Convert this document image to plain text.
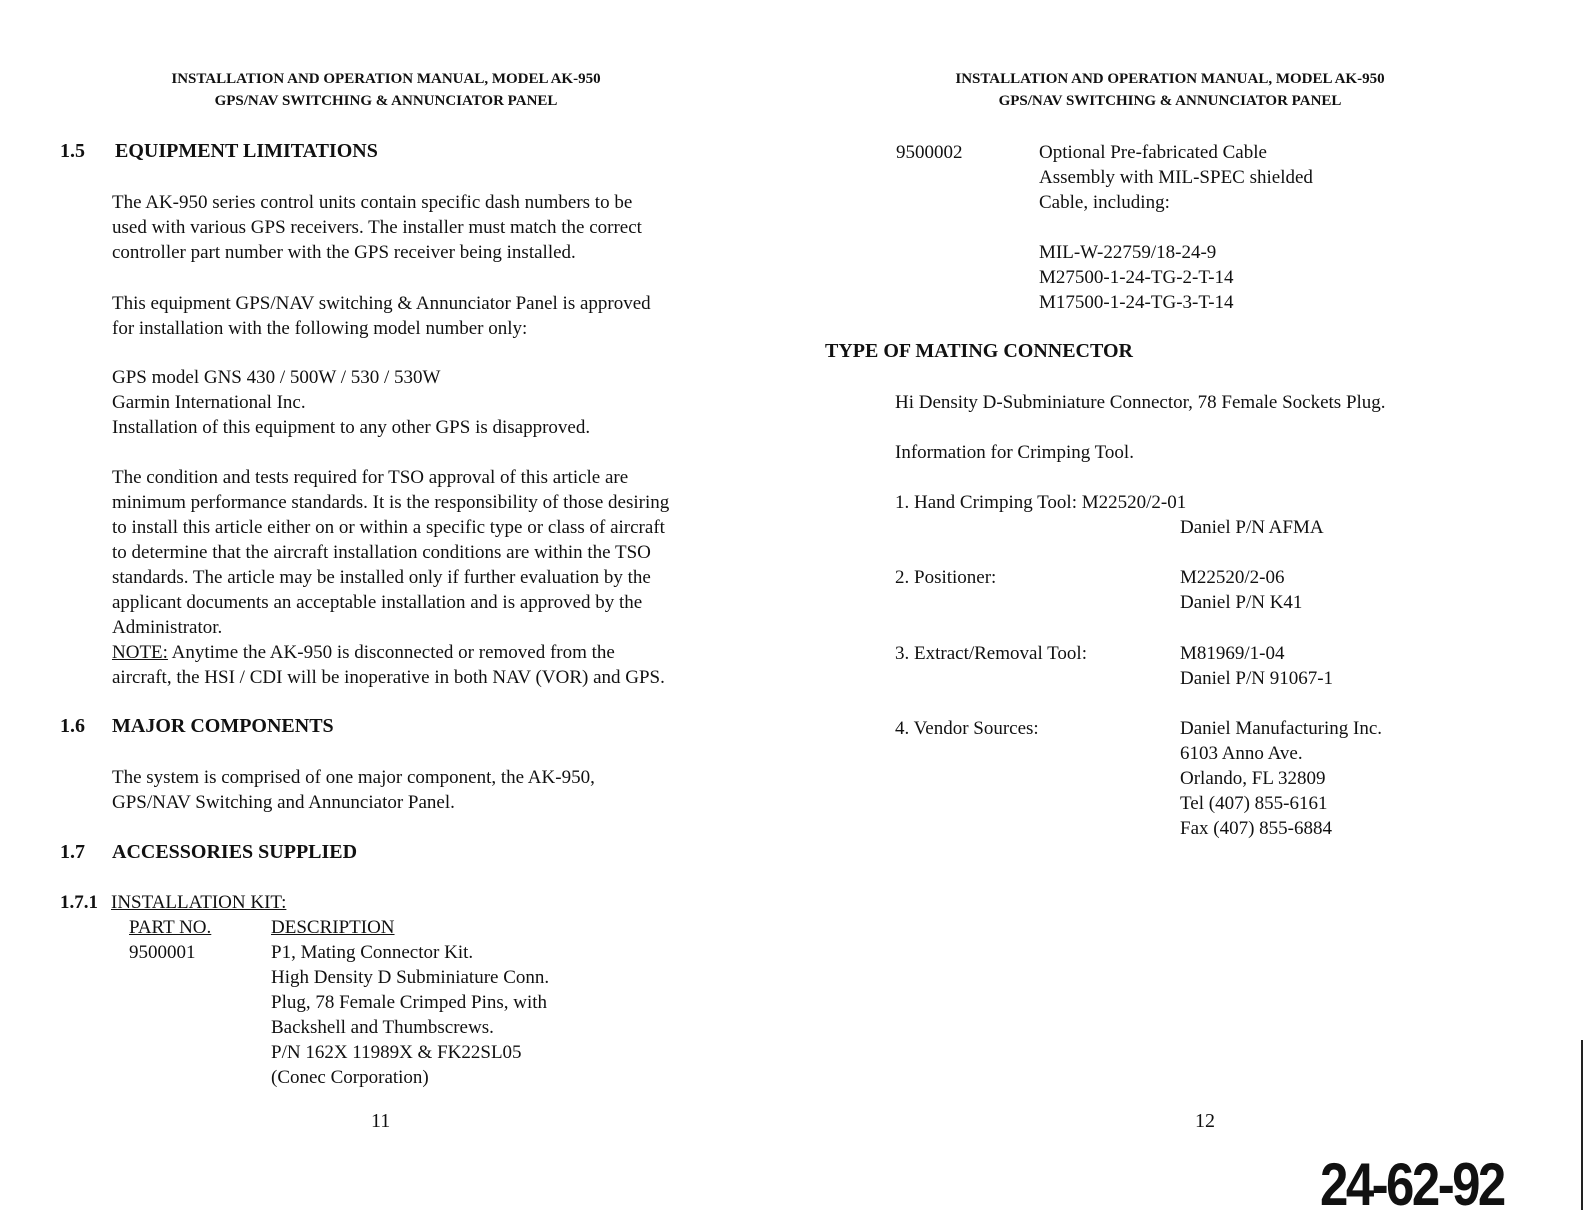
INSTALLATION AND OPERATION MANUAL, MODEL AK-950
GPS/NAV SWITCHING & ANNUNCIATOR PANEL
1.5 EQUIPMENT LIMITATIONS
The AK-950 series control units contain specific dash numbers to be
used with various GPS receivers. The installer must match the correct
controller part number with the GPS receiver being installed.
This equipment GPS/NAV switching & Annunciator Panel is approved
for installation with the following model number only:
GPS model GNS 430 / 500W / 530 / 530W
Garmin International Inc.
Installation of this equipment to any other GPS is disapproved.
The condition and tests required for TSO approval of this article are
minimum performance standards. It is the responsibility of those desiring
to install this article either on or within a specific type or class of aircraft
to determine that the aircraft installation conditions are within the TSO
standards. The article may be installed only if further evaluation by the
applicant documents an acceptable installation and is approved by the
Administrator.
NOTE: Anytime the AK-950 is disconnected or removed from the
aircraft, the HSI / CDI will be inoperative in both NAV (VOR) and GPS.
1.6 MAJOR COMPONENTS
The system is comprised of one major component, the AK-950,
GPS/NAV Switching and Annunciator Panel.
1.7 ACCESSORIES SUPPLIED
1.7.1 INSTALLATION KIT:
PART NO.	DESCRIPTION
9500001	P1, Mating Connector Kit.
High Density D Subminiature Conn.
Plug, 78 Female Crimped Pins, with
Backshell and Thumbscrews.
P/N 162X 11989X & FK22SL05
(Conec Corporation)
11
INSTALLATION AND OPERATION MANUAL, MODEL AK-950
GPS/NAV SWITCHING & ANNUNCIATOR PANEL
9500002	Optional Pre-fabricated Cable
Assembly with MIL-SPEC shielded
Cable, including:
MIL-W-22759/18-24-9
M27500-1-24-TG-2-T-14
M17500-1-24-TG-3-T-14
TYPE OF MATING CONNECTOR
Hi Density D-Subminiature Connector, 78 Female Sockets Plug.
Information for Crimping Tool.
1. Hand Crimping Tool: M22520/2-01
Daniel P/N AFMA
2. Positioner:	M22520/2-06
Daniel P/N K41
3. Extract/Removal Tool:	M81969/1-04
Daniel P/N 91067-1
4. Vendor Sources:	Daniel Manufacturing Inc.
6103 Anno Ave.
Orlando, FL 32809
Tel (407) 855-6161
Fax (407) 855-6884
12
24-62-92
